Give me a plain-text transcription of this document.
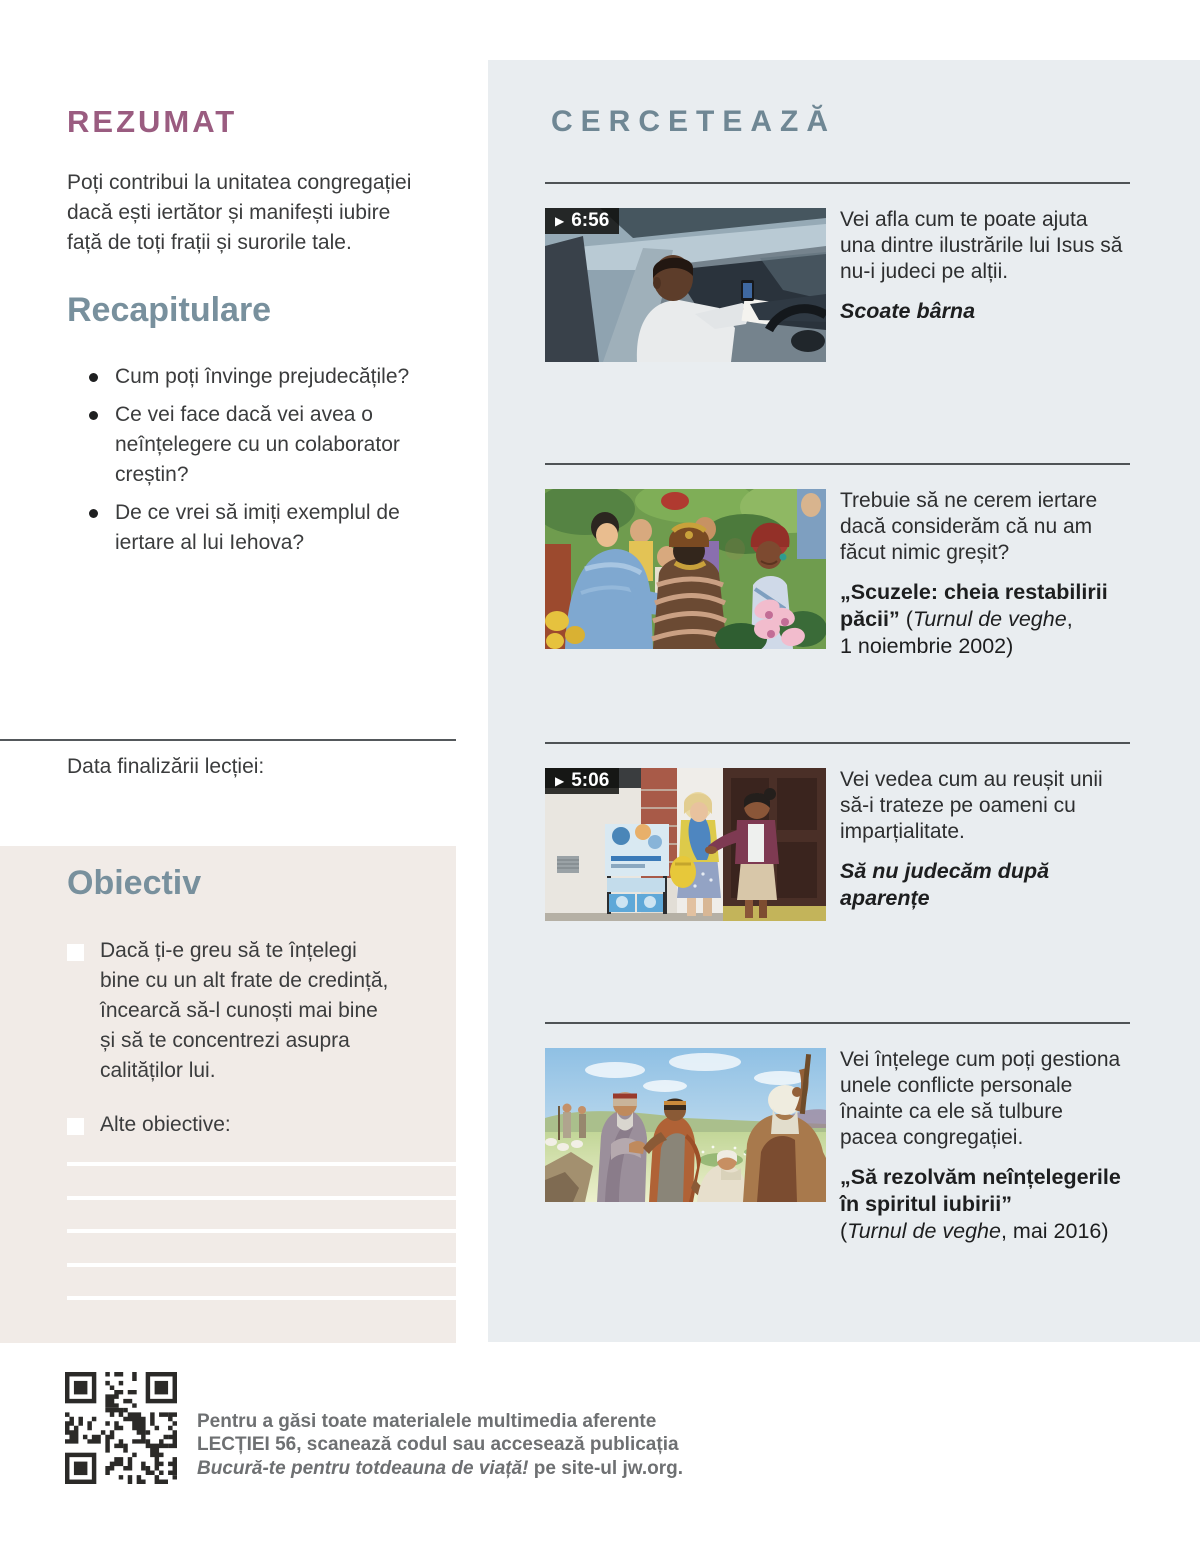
REZUMAT

Poți contribui la unitatea congregației dacă ești iertător și manifești iubire față de toți frații și surorile tale.

Recapitulare
Cum poți învinge prejudecățile?
Ce vei face dacă vei avea o neînțelegere cu un colaborator creștin?
De ce vrei să imiți exemplul de iertare al lui Iehova?

Data finalizării lecției:

Obiectiv

Dacă ți-e greu să te înțelegi bine cu un alt frate de credință, încearcă să-l cunoști mai bine și să te concentrezi asupra calităților lui.

Alte obiective:

Pentru a găsi toate materialele multimedia aferente
LECȚIEI 56, scanează codul sau accesează publicația
Bucură-te pentru totdeauna de viață! pe site-ul jw.org.

CERCETEAZĂ
▶ 6:56	Vei afla cum te poate ajuta una dintre ilustrările lui Isus să nu-i judeci pe alții.

Scoate bârna

Trebuie să ne cerem iertare dacă considerăm că nu am făcut nimic greșit?

„Scuzele: cheia restabilirii păcii” (Turnul de veghe,
1 noiembrie 2002)

▶ 5:06	Vei vedea cum au reușit unii să-i trateze pe oameni cu imparțialitate.

Să nu judecăm după aparențe

Vei înțelege cum poți gestiona unele conflicte personale înainte ca ele să tulbure pacea congregației.

„Să rezolvăm neînțelegerile în spiritul iubirii”
(Turnul de veghe, mai 2016)
